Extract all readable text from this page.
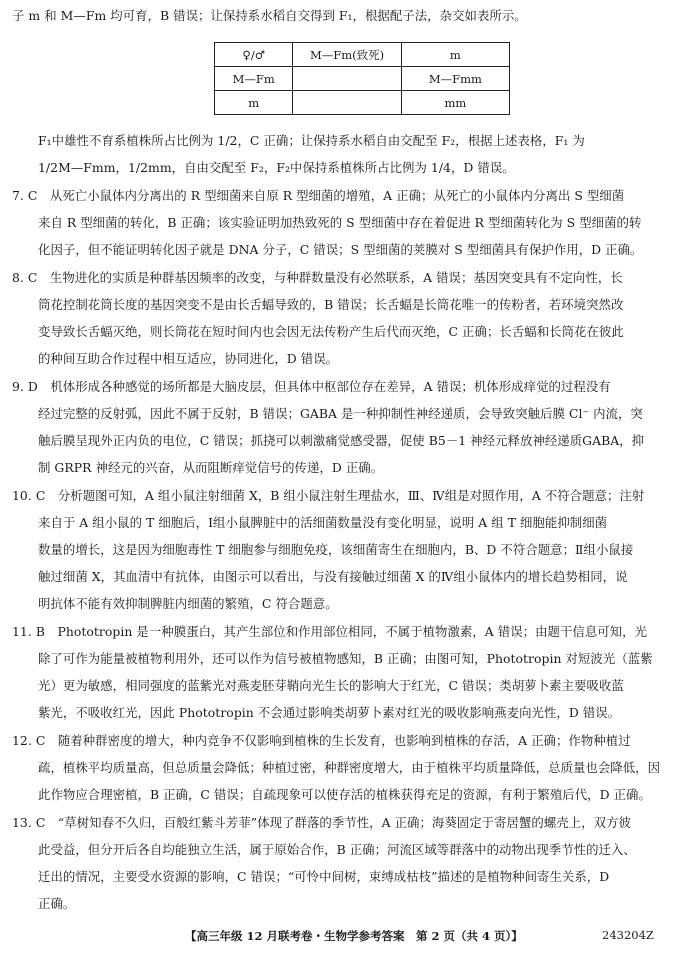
子 m 和 M—Fm 均可育，B 错误；让保持系水稻自交得到 F₁，根据配子法，杂交如表所示。
♀/♂	M—Fm(致死)	m
M—Fm		M—Fmm
m		mm
F₁中雄性不育系植株所占比例为 1/2，C 正确；让保持系水稻自由交配至 F₂，根据上述表格，F₁ 为
1/2M—Fmm，1/2mm，自由交配至 F₂，F₂中保持系植株所占比例为 1/4，D 错误。
7. C　从死亡小鼠体内分离出的 R 型细菌来自原 R 型细菌的增殖，A 正确；从死亡的小鼠体内分离出 S 型细菌
来自 R 型细菌的转化，B 正确；该实验证明加热致死的 S 型细菌中存在着促进 R 型细菌转化为 S 型细菌的转
化因子，但不能证明转化因子就是 DNA 分子，C 错误；S 型细菌的荚膜对 S 型细菌具有保护作用，D 正确。
8. C　生物进化的实质是种群基因频率的改变，与种群数量没有必然联系，A 错误；基因突变具有不定向性，长
筒花控制花筒长度的基因突变不是由长舌蝠导致的，B 错误；长舌蝠是长筒花唯一的传粉者，若环境突然改
变导致长舌蝠灭绝，则长筒花在短时间内也会因无法传粉产生后代而灭绝，C 正确；长舌蝠和长筒花在彼此
的种间互助合作过程中相互适应，协同进化，D 错误。
9. D　机体形成各种感觉的场所都是大脑皮层，但具体中枢部位存在差异，A 错误；机体形成痒觉的过程没有
经过完整的反射弧，因此不属于反射，B 错误；GABA 是一种抑制性神经递质，会导致突触后膜 Cl⁻ 内流，突
触后膜呈现外正内负的电位，C 错误；抓挠可以刺激痛觉感受器，促使 B5－1 神经元释放神经递质GABA，抑
制 GRPR 神经元的兴奋，从而阻断痒觉信号的传递，D 正确。
10. C　分析题图可知，A 组小鼠注射细菌 X，B 组小鼠注射生理盐水，Ⅲ、Ⅳ组是对照作用，A 不符合题意；注射
来自于 A 组小鼠的 T 细胞后，Ⅰ组小鼠脾脏中的活细菌数量没有变化明显，说明 A 组 T 细胞能抑制细菌
数量的增长，这是因为细胞毒性 T 细胞参与细胞免疫，该细菌寄生在细胞内，B、D 不符合题意；Ⅱ组小鼠接
触过细菌 X，其血清中有抗体，由图示可以看出，与没有接触过细菌 X 的Ⅳ组小鼠体内的增长趋势相同，说
明抗体不能有效抑制脾脏内细菌的繁殖，C 符合题意。
11. B　Phototropin 是一种膜蛋白，其产生部位和作用部位相同，不属于植物激素，A 错误；由题干信息可知，光
除了可作为能量被植物利用外，还可以作为信号被植物感知，B 正确；由图可知，Phototropin 对短波光（蓝紫
光）更为敏感，相同强度的蓝紫光对燕麦胚芽鞘向光生长的影响大于红光，C 错误；类胡萝卜素主要吸收蓝
紫光，不吸收红光，因此 Phototropin 不会通过影响类胡萝卜素对红光的吸收影响燕麦向光性，D 错误。
12. C　随着种群密度的增大，种内竞争不仅影响到植株的生长发育，也影响到植株的存活，A 正确；作物种植过
疏，植株平均质量高，但总质量会降低；种植过密，种群密度增大，由于植株平均质量降低，总质量也会降低，因
此作物应合理密植，B 正确，C 错误；自疏现象可以使存活的植株获得充足的资源，有利于繁殖后代，D 正确。
13. C　“草树知春不久归，百般红紫斗芳菲”体现了群落的季节性，A 正确；海葵固定于寄居蟹的螺壳上，双方彼
此受益，但分开后各自均能独立生活，属于原始合作，B 正确；河流区域等群落中的动物出现季节性的迁入、
迁出的情况，主要受水资源的影响，C 错误；“可怜中间树，束缚成枯枝”描述的是植物种间寄生关系，D
正确。
【高三年级 12 月联考卷・生物学参考答案　第 2 页（共 4 页）】	243204Z
